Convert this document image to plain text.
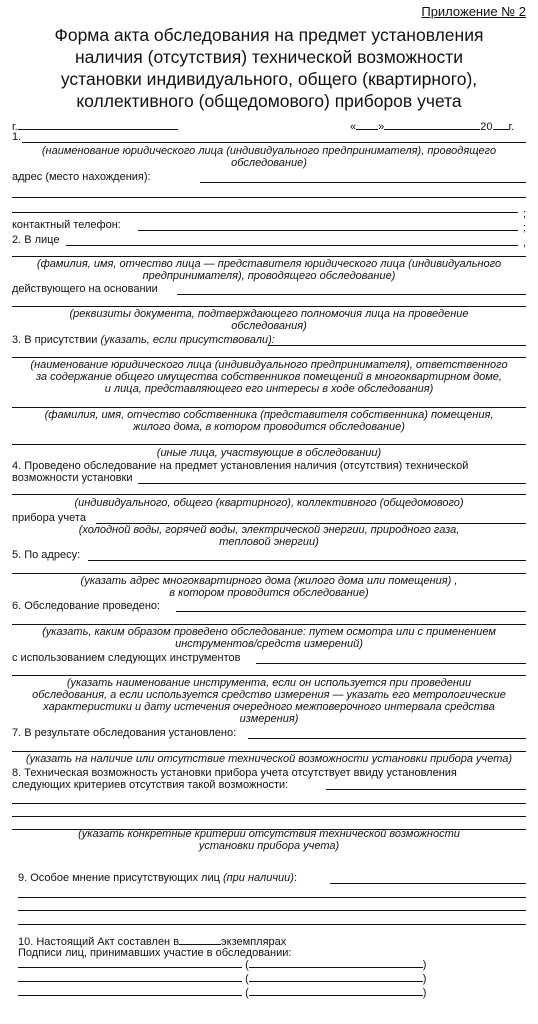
Приложение № 2
Форма акта обследования на предмет установления
наличия (отсутствия) технической возможности
установки индивидуального, общего (квартирного),
коллективного (общедомового) приборов учета
г.	« »	20 г.
1.
(наименование юридического лица (индивидуального предпринимателя), проводящего
обследование)
адрес (место нахождения):
;
контактный телефон:	;
2. В лице	,
(фамилия, имя, отчество лица — представителя юридического лица (индивидуального
предпринимателя), проводящего обследование)
действующего на основании
(реквизиты документа, подтверждающего полномочия лица на проведение
обследования)
3. В присутствии (указать, если присутствовали):
(наименование юридического лица (индивидуального предпринимателя), ответственного
за содержание общего имущества собственников помещений в многоквартирном доме,
и лица, представляющего его интересы в ходе обследования)
(фамилия, имя, отчество собственника (представителя собственника) помещения,
жилого дома, в котором проводится обследование)
(иные лица, участвующие в обследовании)
4. Проведено обследование на предмет установления наличия (отсутствия) технической
возможности установки
(индивидуального, общего (квартирного), коллективного (общедомового)
прибора учета
(холодной воды, горячей воды, электрической энергии, природного газа,
тепловой энергии)
5. По адресу:
(указать адрес многоквартирного дома (жилого дома или помещения) ,
в котором проводится обследование)
6. Обследование проведено:
(указать, каким образом проведено обследование: путем осмотра или с применением
инструментов/средств измерений)
с использованием следующих инструментов
(указать наименование инструмента, если он используется при проведении
обследования, а если используется средство измерения — указать его метрологические
характеристики и дату истечения очередного межповерочного интервала средства
измерения)
7. В результате обследования установлено:
(указать на наличие или отсутствие технической возможности установки прибора учета)
8. Техническая возможность установки прибора учета отсутствует ввиду установления
следующих критериев отсутствия такой возможности:
(указать конкретные критерии отсутствия технической возможности
установки прибора учета)
9. Особое мнение присутствующих лиц (при наличии):
10. Настоящий Акт составлен в	экземплярах
Подписи лиц, принимавших участие в обследовании:
(	)
(	)
(	)
